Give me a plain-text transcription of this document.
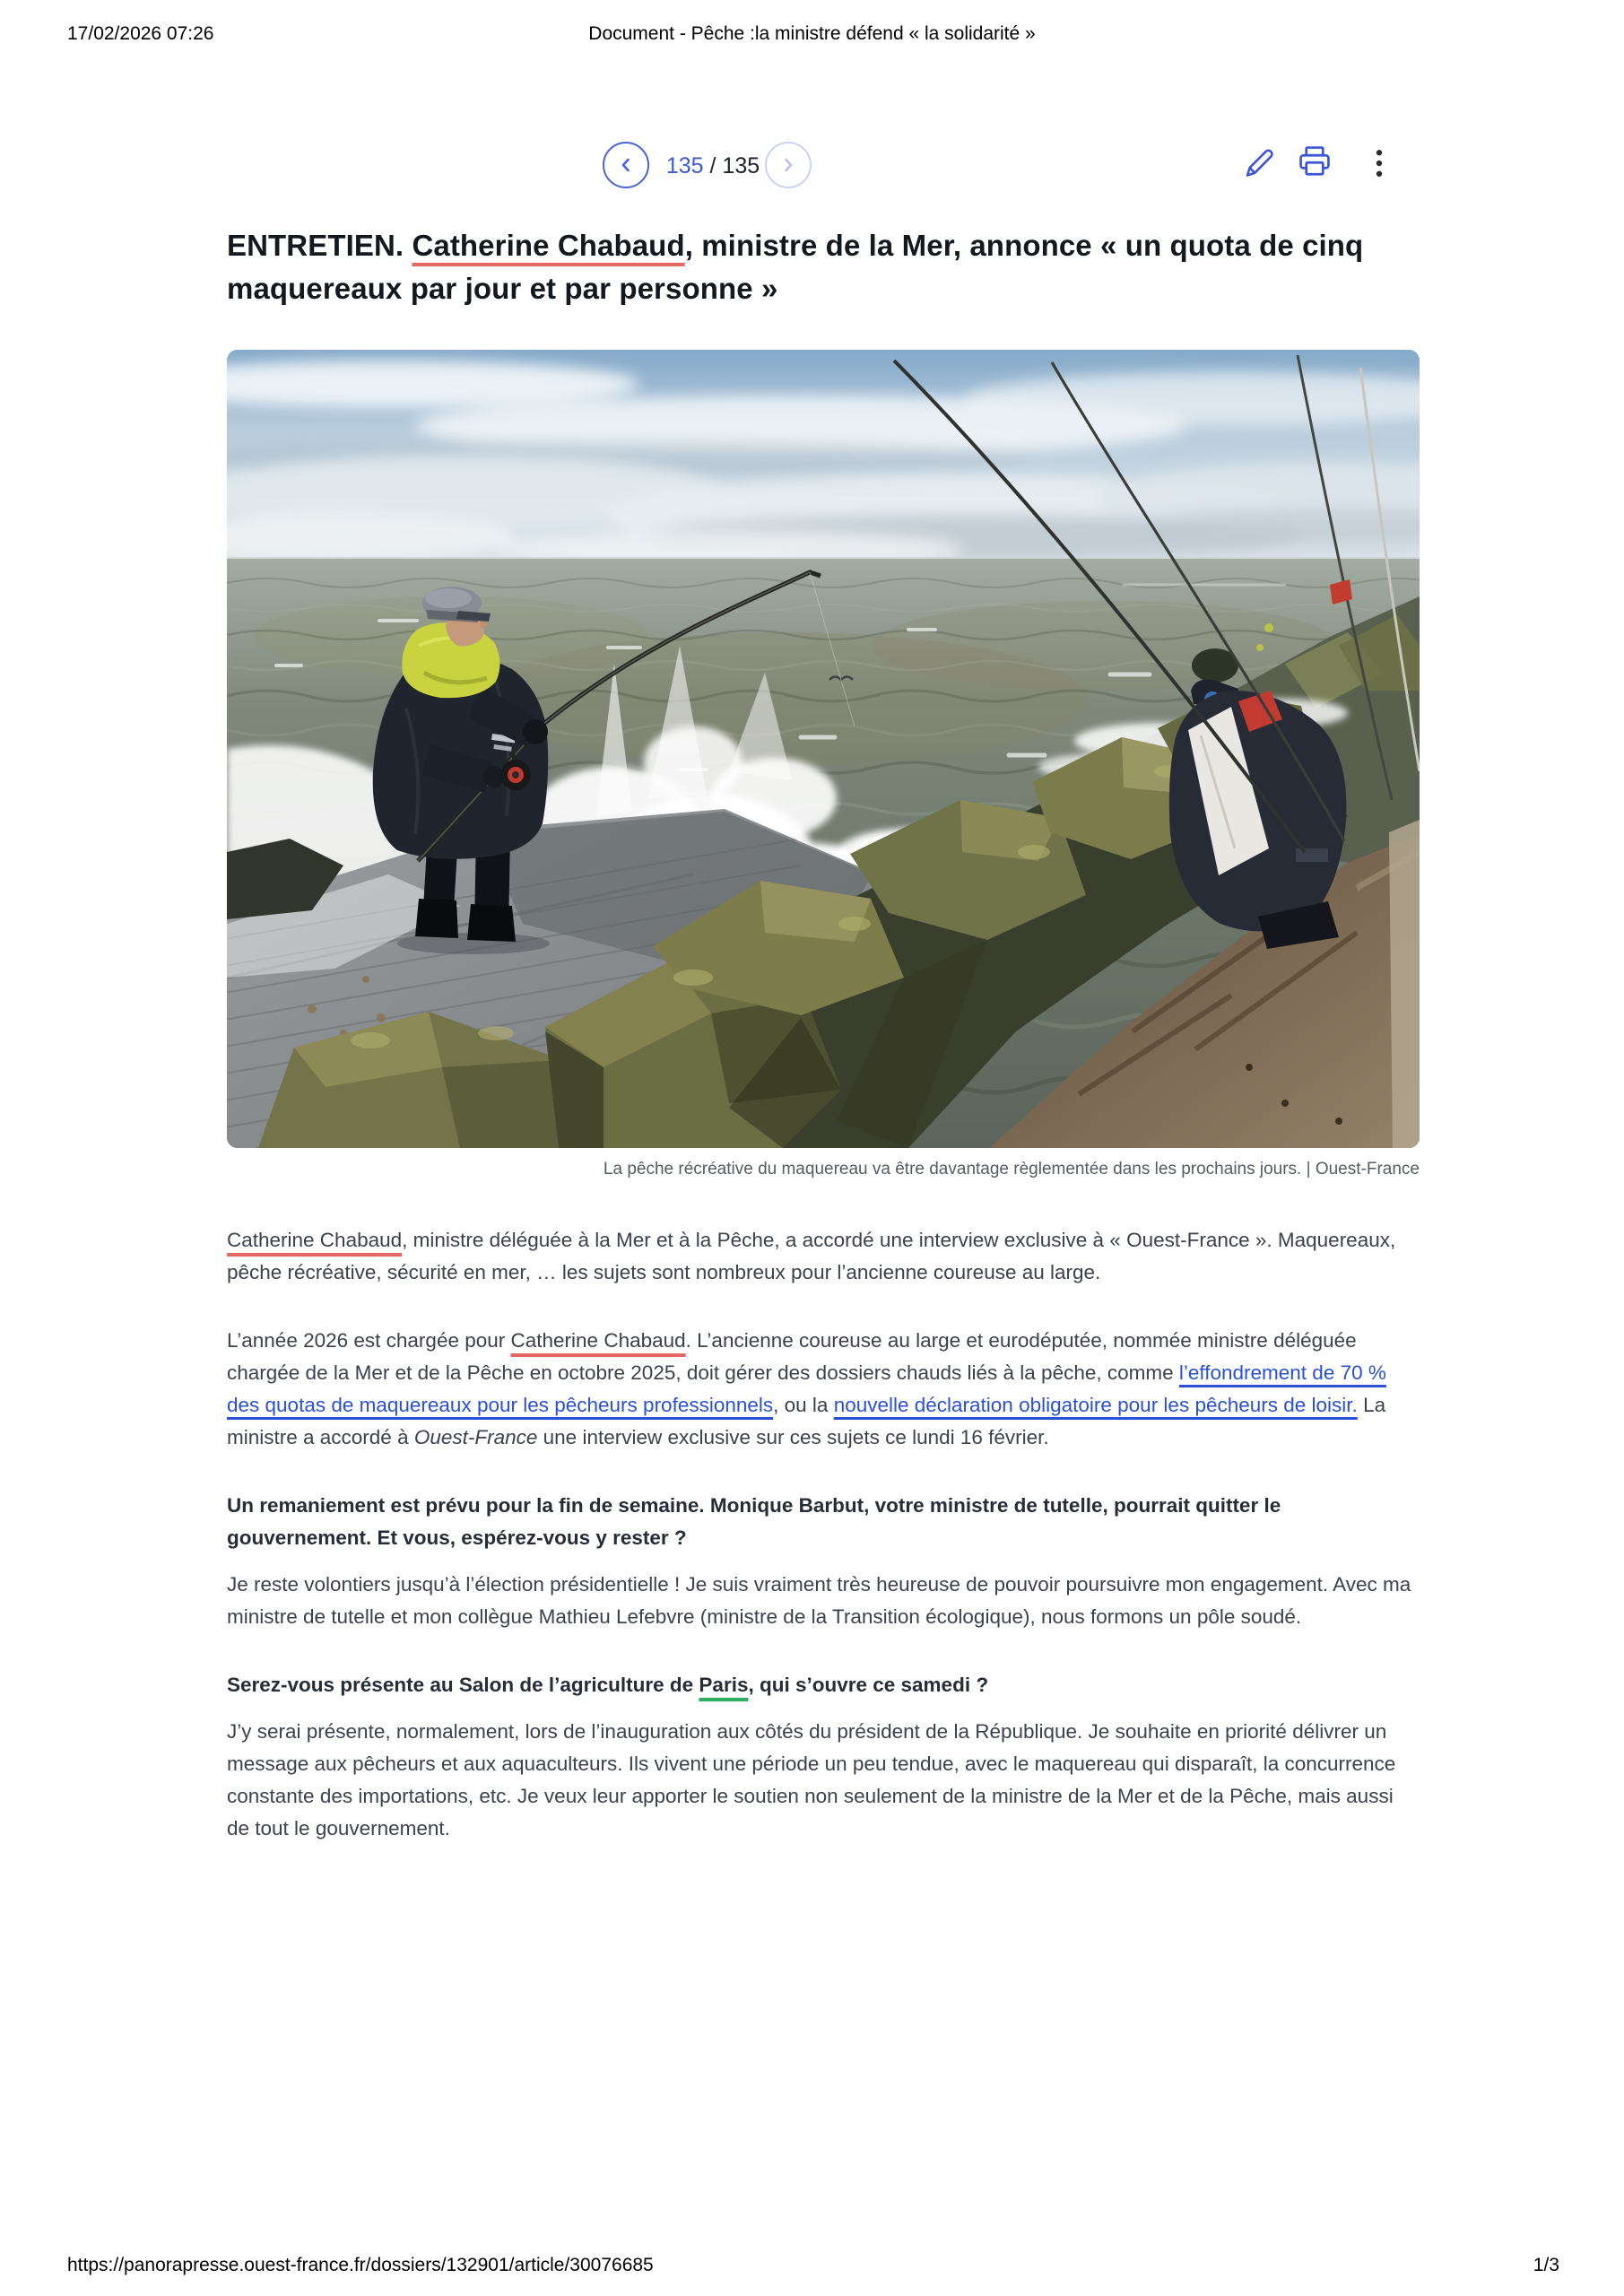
17/02/2026 07:26	Document - Pêche :la ministre défend « la solidarité »
135 / 135
ENTRETIEN. Catherine Chabaud, ministre de la Mer, annonce « un quota de cinq maquereaux par jour et par personne »
La pêche récréative du maquereau va être davantage règlementée dans les prochains jours. | Ouest-France

Catherine Chabaud, ministre déléguée à la Mer et à la Pêche, a accordé une interview exclusive à « Ouest-France ». Maquereaux, pêche récréative, sécurité en mer, … les sujets sont nombreux pour l’ancienne coureuse au large.

L’année 2026 est chargée pour Catherine Chabaud. L’ancienne coureuse au large et eurodéputée, nommée ministre déléguée chargée de la Mer et de la Pêche en octobre 2025, doit gérer des dossiers chauds liés à la pêche, comme l’effondrement de 70 % des quotas de maquereaux pour les pêcheurs professionnels, ou la nouvelle déclaration obligatoire pour les pêcheurs de loisir. La ministre a accordé à Ouest-France une interview exclusive sur ces sujets ce lundi 16 février.

Un remaniement est prévu pour la fin de semaine. Monique Barbut, votre ministre de tutelle, pourrait quitter le gouvernement. Et vous, espérez-vous y rester ?

Je reste volontiers jusqu’à l’élection présidentielle ! Je suis vraiment très heureuse de pouvoir poursuivre mon engagement. Avec ma ministre de tutelle et mon collègue Mathieu Lefebvre (ministre de la Transition écologique), nous formons un pôle soudé.

Serez-vous présente au Salon de l’agriculture de Paris, qui s’ouvre ce samedi ?

J’y serai présente, normalement, lors de l’inauguration aux côtés du président de la République. Je souhaite en priorité délivrer un message aux pêcheurs et aux aquaculteurs. Ils vivent une période un peu tendue, avec le maquereau qui disparaît, la concurrence constante des importations, etc. Je veux leur apporter le soutien non seulement de la ministre de la Mer et de la Pêche, mais aussi de tout le gouvernement.

https://panorapresse.ouest-france.fr/dossiers/132901/article/30076685	1/3
